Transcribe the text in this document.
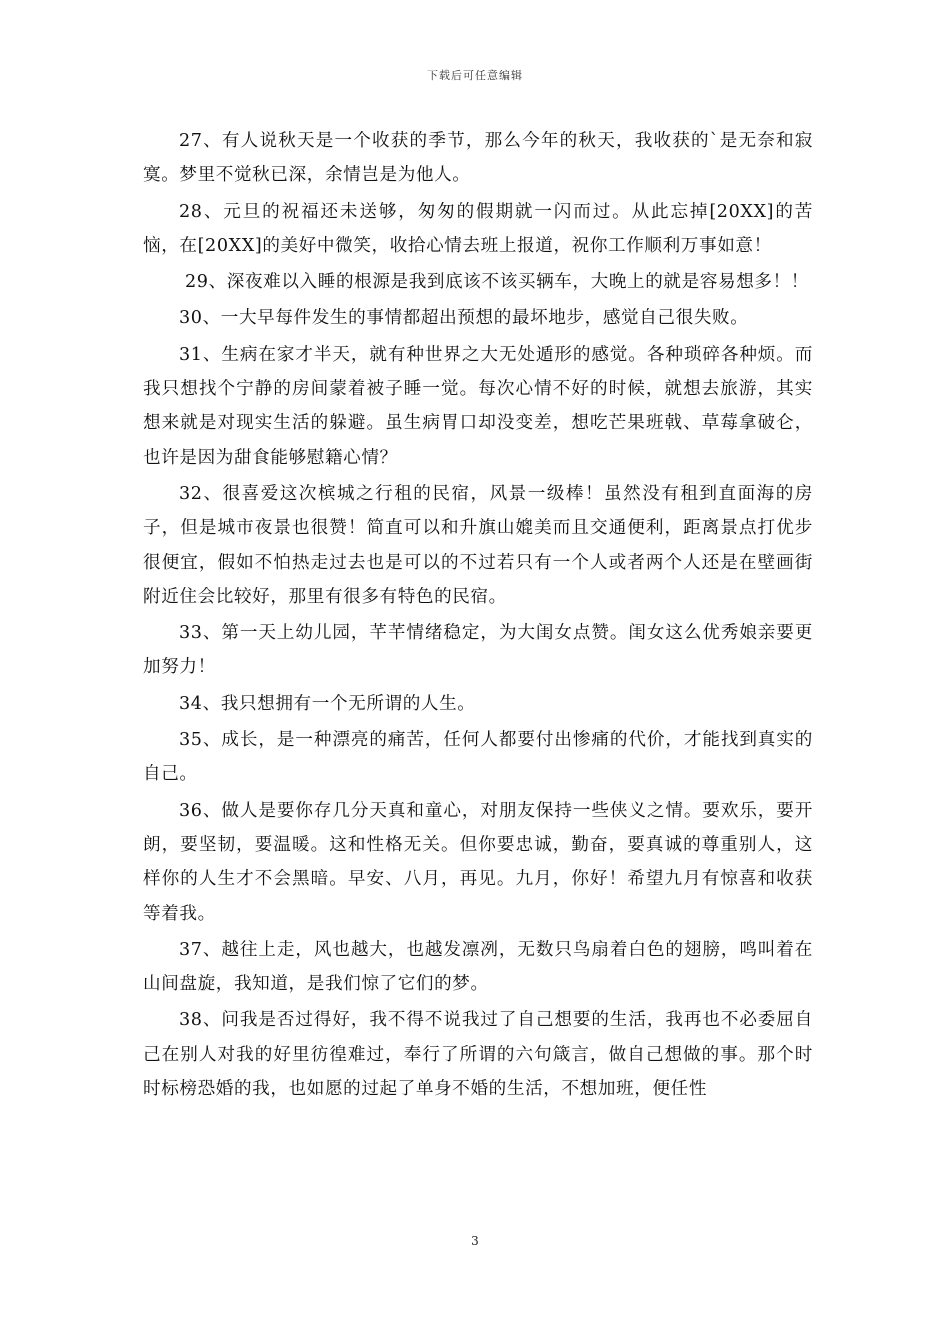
下载后可任意编辑

27、有人说秋天是一个收获的季节，那么今年的秋天，我收获的`是无奈和寂寞。梦里不觉秋已深，余情岂是为他人。

28、元旦的祝福还未送够，匆匆的假期就一闪而过。从此忘掉[20XX]的苦恼，在[20XX]的美好中微笑，收拾心情去班上报道，祝你工作顺利万事如意！

29、深夜难以入睡的根源是我到底该不该买辆车，大晚上的就是容易想多！！

30、一大早每件发生的事情都超出预想的最坏地步，感觉自己很失败。

31、生病在家才半天，就有种世界之大无处遁形的感觉。各种琐碎各种烦。而我只想找个宁静的房间蒙着被子睡一觉。每次心情不好的时候，就想去旅游，其实想来就是对现实生活的躲避。虽生病胃口却没变差，想吃芒果班戟、草莓拿破仑，也许是因为甜食能够慰籍心情？

32、很喜爱这次槟城之行租的民宿，风景一级棒！虽然没有租到直面海的房子，但是城市夜景也很赞！简直可以和升旗山媲美而且交通便利，距离景点打优步很便宜，假如不怕热走过去也是可以的不过若只有一个人或者两个人还是在壁画街附近住会比较好，那里有很多有特色的民宿。

33、第一天上幼儿园，芊芊情绪稳定，为大闺女点赞。闺女这么优秀娘亲要更加努力！

34、我只想拥有一个无所谓的人生。

35、成长，是一种漂亮的痛苦，任何人都要付出惨痛的代价，才能找到真实的自己。

36、做人是要你存几分天真和童心，对朋友保持一些侠义之情。要欢乐，要开朗，要坚韧，要温暖。这和性格无关。但你要忠诚，勤奋，要真诚的尊重别人，这样你的人生才不会黑暗。早安、八月，再见。九月，你好！希望九月有惊喜和收获等着我。

37、越往上走，风也越大，也越发凛冽，无数只鸟扇着白色的翅膀，鸣叫着在山间盘旋，我知道，是我们惊了它们的梦。

38、问我是否过得好，我不得不说我过了自己想要的生活，我再也不必委屈自己在别人对我的好里彷徨难过，奉行了所谓的六句箴言，做自己想做的事。那个时时标榜恐婚的我，也如愿的过起了单身不婚的生活，不想加班，便任性

3
